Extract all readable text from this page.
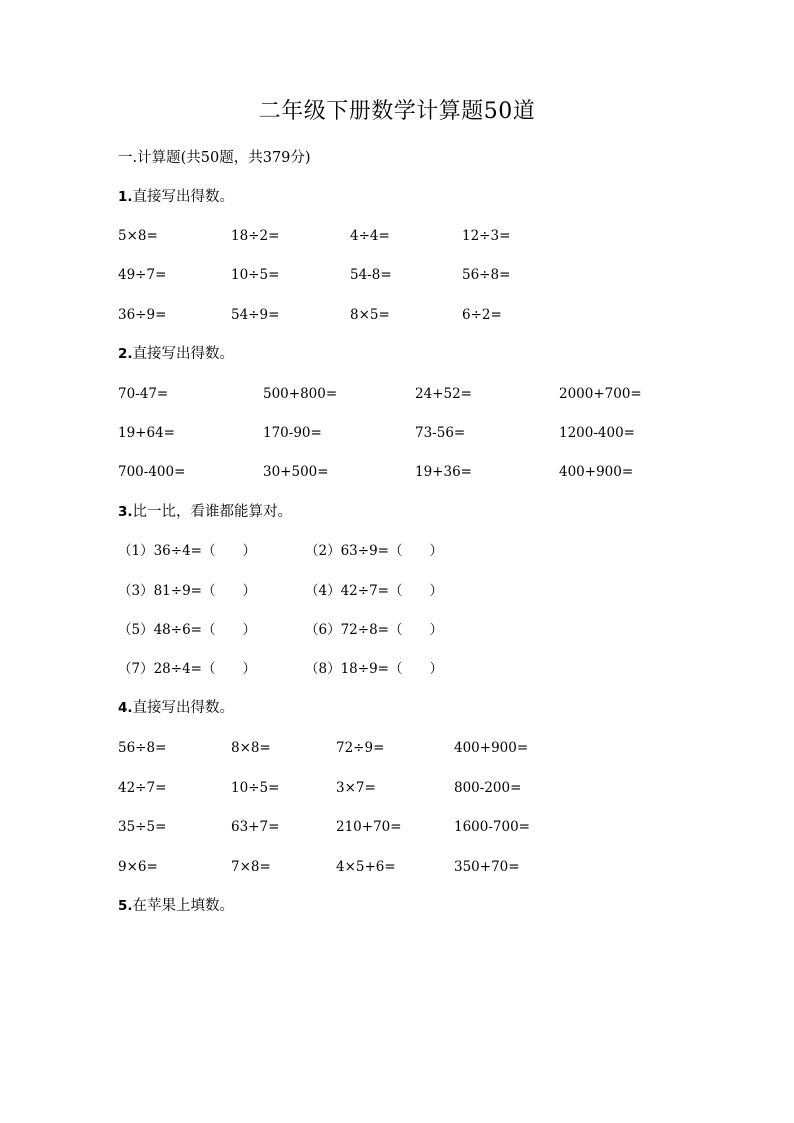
二年级下册数学计算题50道
一.计算题(共50题，共379分)
1.直接写出得数。
5×8=	18÷2=	4÷4=	12÷3=
49÷7=	10÷5=	54-8=	56÷8=
36÷9=	54÷9=	8×5=	6÷2=
2.直接写出得数。
70-47=	500+800=	24+52=	2000+700=
19+64=	170-90=	73-56=	1200-400=
700-400=	30+500=	19+36=	400+900=
3.比一比，看谁都能算对。
（1）36÷4=（　　）	（2）63÷9=（　　）
（3）81÷9=（　　）	（4）42÷7=（　　）
（5）48÷6=（　　）	（6）72÷8=（　　）
（7）28÷4=（　　）	（8）18÷9=（　　）
4.直接写出得数。
56÷8=	8×8=	72÷9=	400+900=
42÷7=	10÷5=	3×7=	800-200=
35÷5=	63+7=	210+70=	1600-700=
9×6=	7×8=	4×5+6=	350+70=
5.在苹果上填数。
